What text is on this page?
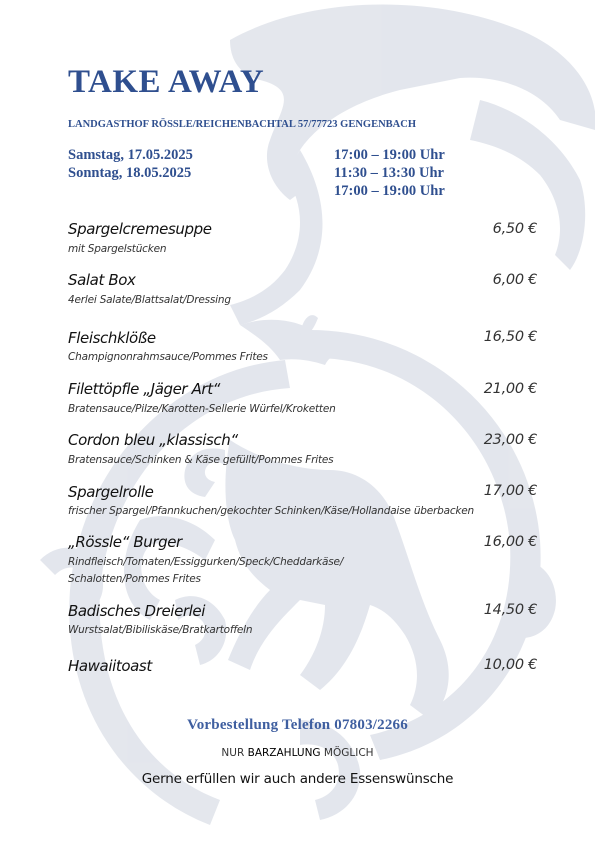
TAKE AWAY
LANDGASTHOF RÖSSLE/REICHENBACHTAL 57/77723 GENGENBACH
Samstag, 17.05.2025
Sonntag, 18.05.2025
17:00 – 19:00 Uhr
11:30 – 13:30 Uhr
17:00 – 19:00 Uhr
Spargelcremesuppe
mit Spargelstücken
6,50 €
Salat Box
4erlei Salate/Blattsalat/Dressing
6,00 €
Fleischklöße
Champignonrahmsauce/Pommes Frites
16,50 €
Filettöpfle „Jäger Art“
Bratensauce/Pilze/Karotten-Sellerie Würfel/Kroketten
21,00 €
Cordon bleu „klassisch“
Bratensauce/Schinken & Käse gefüllt/Pommes Frites
23,00 €
Spargelrolle
frischer Spargel/Pfannkuchen/gekochter Schinken/Käse/Hollandaise überbacken
17,00 €
„Rössle“ Burger
Rindfleisch/Tomaten/Essiggurken/Speck/Cheddarkäse/
Schalotten/Pommes Frites
16,00 €
Badisches Dreierlei
Wurstsalat/Bibiliskäse/Bratkartoffeln
14,50 €
Hawaiitoast	10,00 €
Vorbestellung Telefon 07803/2266
NUR BARZAHLUNG MÖGLICH
Gerne erfüllen wir auch andere Essenswünsche
